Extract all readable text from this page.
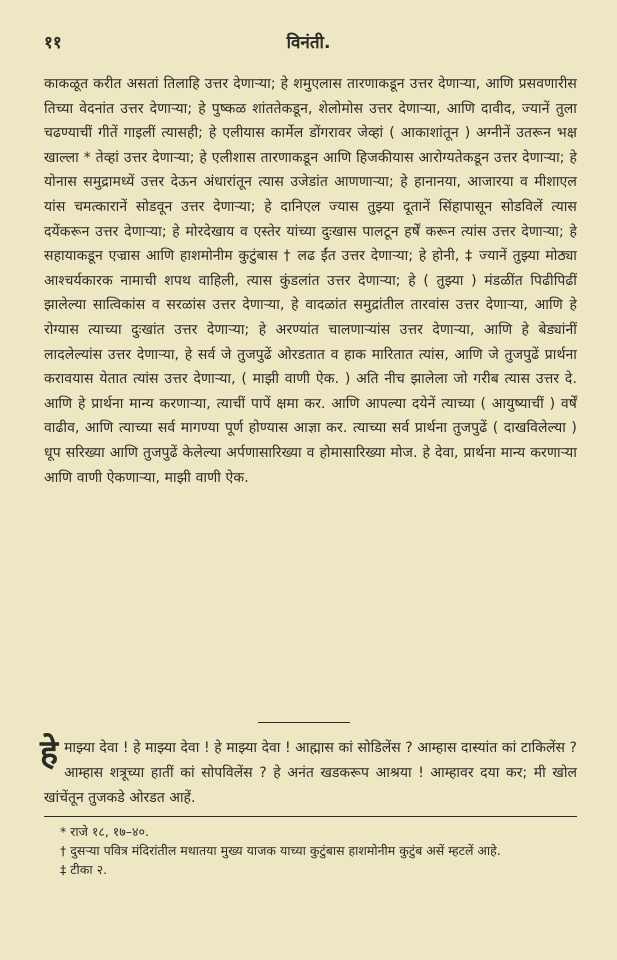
११	विनंती.
काकळूत करीत असतां तिलाहि उत्तर देणाऱ्या; हे शमुएलास तारणाकडून उत्तर देणाऱ्या, आणि प्रसवणारीस तिच्या वेदनांत उत्तर देणाऱ्या; हे पुष्कळ शांततेकडून, शेलोमोस उत्तर देणाऱ्या, आणि दावीद, ज्यानें तुला चढण्याचीं गीतें गाइलीं त्यासही; हे एलीयास कार्मेल डोंगरावर जेव्हां ( आकाशांतून ) अग्नीनें उतरून भक्ष खाल्ला * तेव्हां उत्तर देणाऱ्या; हे एलीशास तारणाकडून आणि हिजकीयास आरोग्यतेकडून उत्तर देणाऱ्या; हे योनास समुद्रामध्यें उत्तर देऊन अंधारांतून त्यास उजेडांत आणणाऱ्या; हे हानानया, आजारया व मीशाएल यांस चमत्कारानें सोडवून उत्तर देणाऱ्या; हे दानिएल ज्यास तुझ्या दूतानें सिंहापासून सोडविलें त्यास दयेंकरून उत्तर देणाऱ्या; हे मोरदेखाय व एस्तेर यांच्या दुःखास पालटून हर्षें करून त्यांस उत्तर देणाऱ्या; हे सहायाकडून एज्रास आणि हाशमोनीम कुटुंबास † लढ ईंत उत्तर देणाऱ्या; हे होनी, ‡ ज्यानें तुझ्या मोठ्या आश्चर्यकारक नामाची शपथ वाहिली, त्यास कुंडलांत उत्तर देणाऱ्या; हे ( तुझ्या ) मंडळींत पिढीपिढीं झालेल्या सात्विकांस व सरळांस उत्तर देणाऱ्या, हे वादळांत समुद्रांतील तारवांस उत्तर देणाऱ्या, आणि हे रोग्यास त्याच्या दुःखांत उत्तर देणाऱ्या; हे अरण्यांत चालणाऱ्यांस उत्तर देणाऱ्या, आणि हे बेड्यांनीं लादलेल्यांस उत्तर देणाऱ्या, हे सर्व जे तुजपुढें ओरडतात व हाक मारितात त्यांस, आणि जे तुजपुढें प्रार्थना करावयास येतात त्यांस उत्तर देणाऱ्या, ( माझी वाणी ऐक. ) अति नीच झालेला जो गरीब त्यास उत्तर दे. आणि हे प्रार्थना मान्य करणाऱ्या, त्याचीं पापें क्षमा कर. आणि आपल्या दयेनें त्याच्या ( आयुष्याचीं ) वर्षें वाढीव, आणि त्याच्या सर्व मागण्या पूर्ण होण्यास आज्ञा कर. त्याच्या सर्व प्रार्थना तुजपुढें ( दाखविलेल्या ) धूप सरिख्या आणि तुजपुढें केलेल्या अर्पणासारिख्या व होमासारिख्या मोज. हे देवा, प्रार्थना मान्य करणाऱ्या आणि वाणी ऐकणाऱ्या, माझी वाणी ऐक.
हे माझ्या देवा ! हे माझ्या देवा ! हे माझ्या देवा ! आह्मास कां सोडिलेंस ? आम्हास दास्यांत कां टाकिलेंस ? आम्हास शत्रूच्या हातीं कां सोपविलेंस ? हे अनंत खडकरूप आश्रया ! आम्हावर दया कर; मी खोल खांचेंतून तुजकडे ओरडत आहें.
* राजे १८, १७–४०.
† दुसऱ्या पवित्र मंदिरांतील मथातया मुख्य याजक याच्या कुटुंबास हाशमोनीम कुटुंब असें म्हटलें आहे.
‡ टीका २.
